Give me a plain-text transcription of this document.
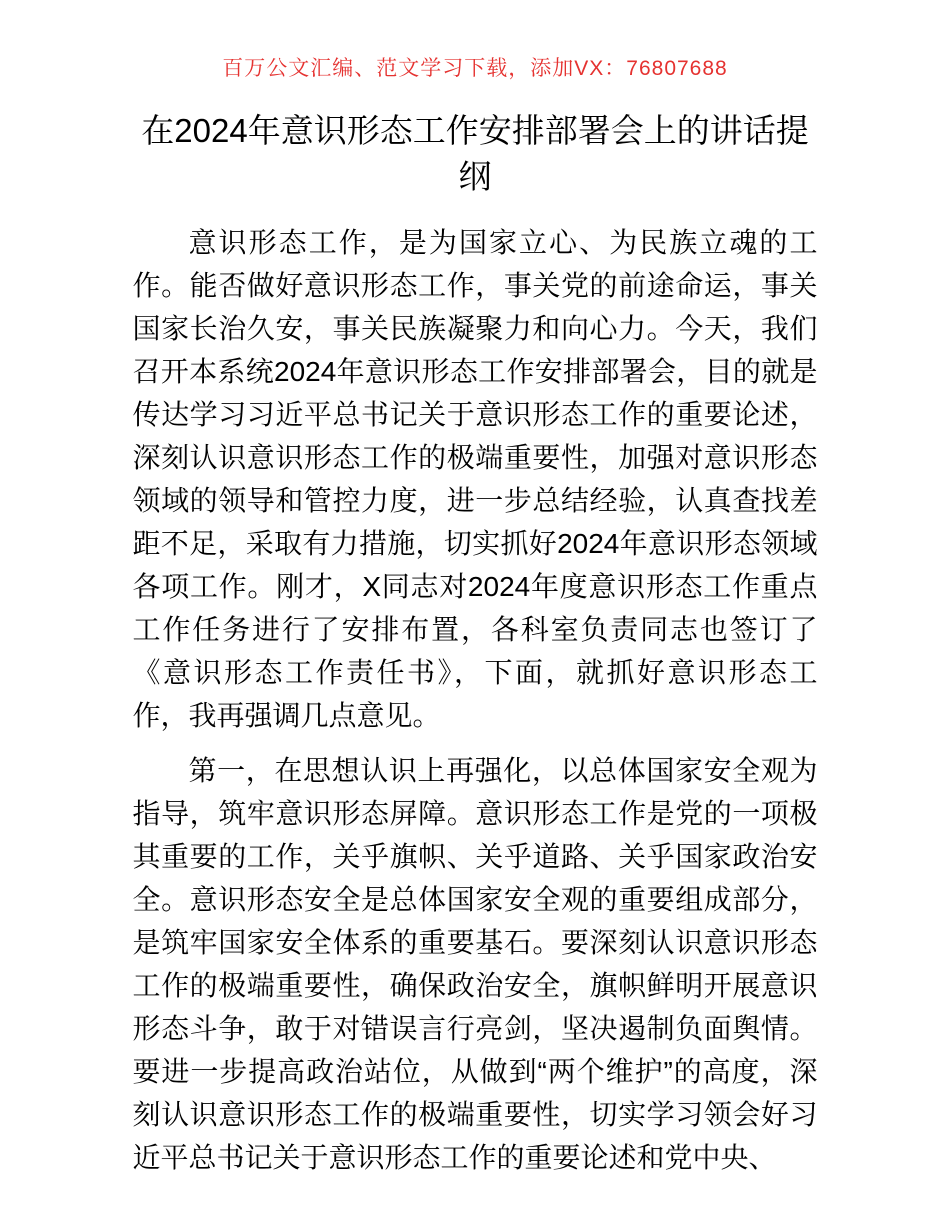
百万公文汇编、范文学习下载，添加VX：76807688
在2024年意识形态工作安排部署会上的讲话提纲

意识形态工作，是为国家立心、为民族立魂的工作。能否做好意识形态工作，事关党的前途命运，事关国家长治久安，事关民族凝聚力和向心力。今天，我们召开本系统2024年意识形态工作安排部署会，目的就是传达学习习近平总书记关于意识形态工作的重要论述，深刻认识意识形态工作的极端重要性，加强对意识形态领域的领导和管控力度，进一步总结经验，认真查找差距不足，采取有力措施，切实抓好2024年意识形态领域各项工作。刚才，X同志对2024年度意识形态工作重点工作任务进行了安排布置，各科室负责同志也签订了《意识形态工作责任书》，下面，就抓好意识形态工作，我再强调几点意见。

第一，在思想认识上再强化，以总体国家安全观为指导，筑牢意识形态屏障。意识形态工作是党的一项极其重要的工作，关乎旗帜、关乎道路、关乎国家政治安全。意识形态安全是总体国家安全观的重要组成部分，是筑牢国家安全体系的重要基石。要深刻认识意识形态工作的极端重要性，确保政治安全，旗帜鲜明开展意识形态斗争，敢于对错误言行亮剑，坚决遏制负面舆情。要进一步提高政治站位，从做到“两个维护”的高度，深刻认识意识形态工作的极端重要性，切实学习领会好习近平总书记关于意识形态工作的重要论述和党中央、
